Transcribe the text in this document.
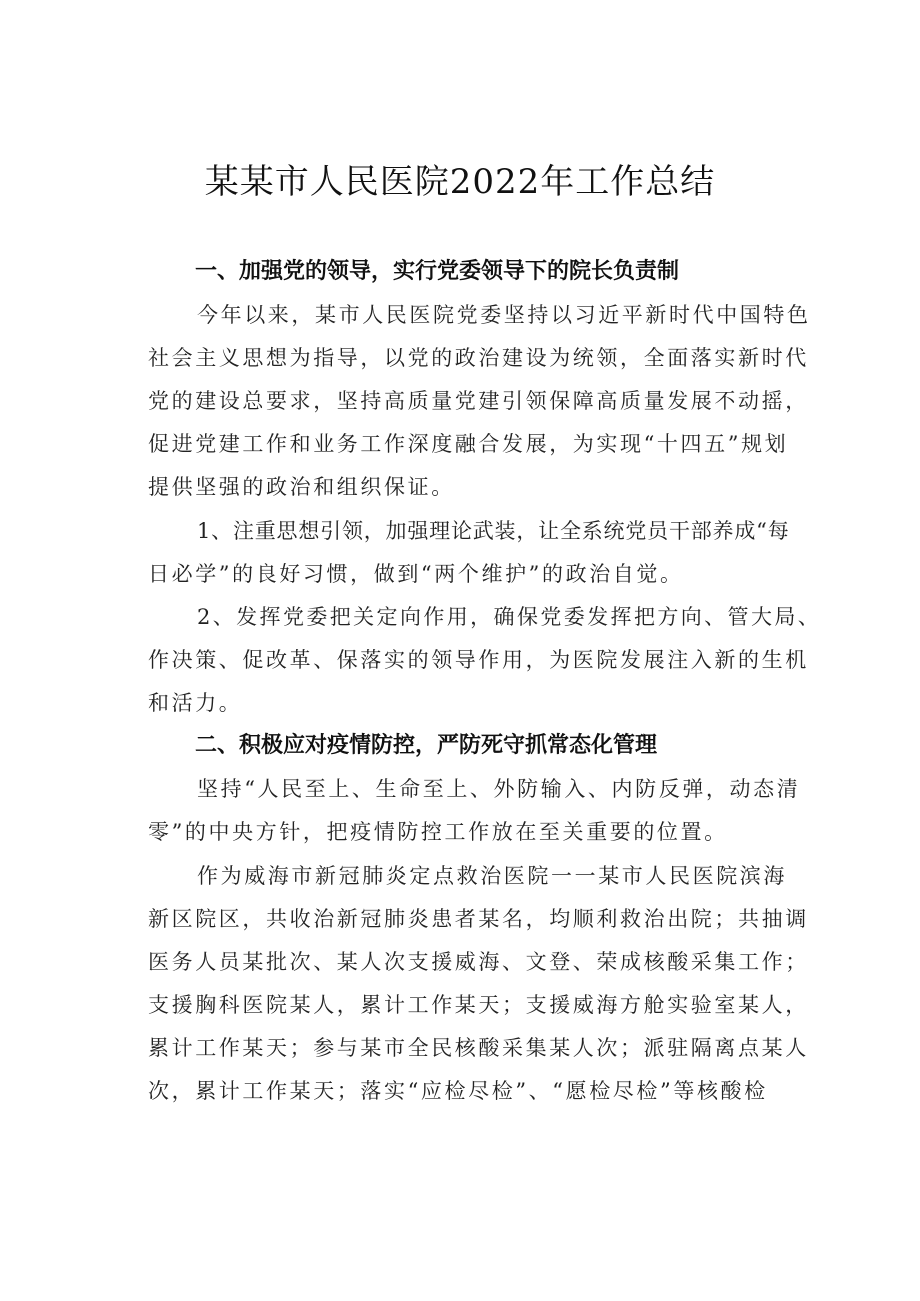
某某市人民医院2022年工作总结
一、加强党的领导，实行党委领导下的院长负责制
今年以来，某市人民医院党委坚持以习近平新时代中国特色
社会主义思想为指导，以党的政治建设为统领，全面落实新时代
党的建设总要求，坚持高质量党建引领保障高质量发展不动摇，
促进党建工作和业务工作深度融合发展，为实现“十四五”规划
提供坚强的政治和组织保证。
1、注重思想引领，加强理论武装，让全系统党员干部养成“每
日必学”的良好习惯，做到“两个维护”的政治自觉。
2、发挥党委把关定向作用，确保党委发挥把方向、管大局、
作决策、促改革、保落实的领导作用，为医院发展注入新的生机
和活力。
二、积极应对疫情防控，严防死守抓常态化管理
坚持“人民至上、生命至上、外防输入、内防反弹，动态清
零”的中央方针，把疫情防控工作放在至关重要的位置。
作为威海市新冠肺炎定点救治医院一一某市人民医院滨海
新区院区，共收治新冠肺炎患者某名，均顺利救治出院；共抽调
医务人员某批次、某人次支援威海、文登、荣成核酸采集工作；
支援胸科医院某人，累计工作某天；支援威海方舱实验室某人，
累计工作某天；参与某市全民核酸采集某人次；派驻隔离点某人
次，累计工作某天；落实“应检尽检”、“愿检尽检”等核酸检
